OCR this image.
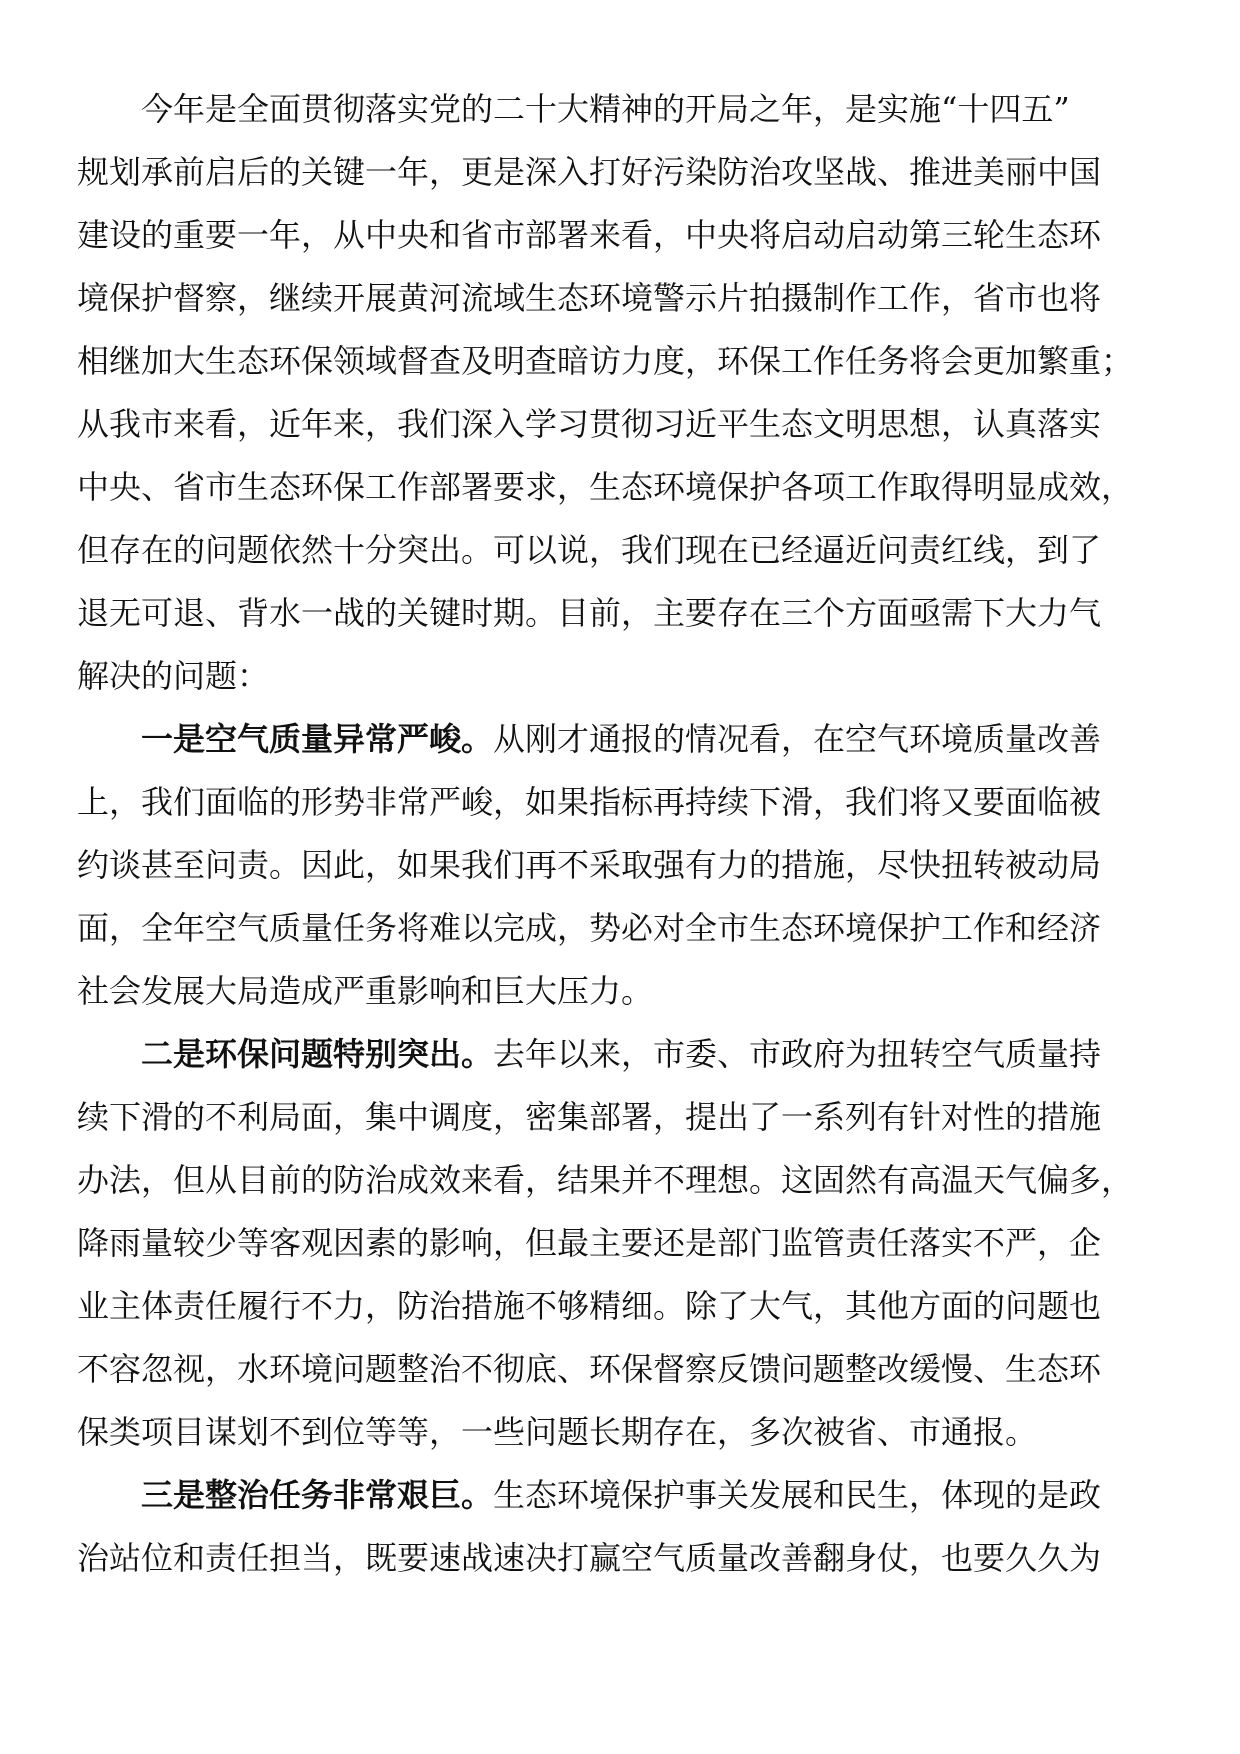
今年是全面贯彻落实党的二十大精神的开局之年，是实施“十四五”
规划承前启后的关键一年，更是深入打好污染防治攻坚战、推进美丽中国
建设的重要一年，从中央和省市部署来看，中央将启动启动第三轮生态环
境保护督察，继续开展黄河流域生态环境警示片拍摄制作工作，省市也将
相继加大生态环保领域督查及明查暗访力度，环保工作任务将会更加繁重；
从我市来看，近年来，我们深入学习贯彻习近平生态文明思想，认真落实
中央、省市生态环保工作部署要求，生态环境保护各项工作取得明显成效，
但存在的问题依然十分突出。可以说，我们现在已经逼近问责红线，到了
退无可退、背水一战的关键时期。目前，主要存在三个方面亟需下大力气
解决的问题：
一是空气质量异常严峻。从刚才通报的情况看，在空气环境质量改善
上，我们面临的形势非常严峻，如果指标再持续下滑，我们将又要面临被
约谈甚至问责。因此，如果我们再不采取强有力的措施，尽快扭转被动局
面，全年空气质量任务将难以完成，势必对全市生态环境保护工作和经济
社会发展大局造成严重影响和巨大压力。
二是环保问题特别突出。去年以来，市委、市政府为扭转空气质量持
续下滑的不利局面，集中调度，密集部署，提出了一系列有针对性的措施
办法，但从目前的防治成效来看，结果并不理想。这固然有高温天气偏多，
降雨量较少等客观因素的影响，但最主要还是部门监管责任落实不严，企
业主体责任履行不力，防治措施不够精细。除了大气，其他方面的问题也
不容忽视，水环境问题整治不彻底、环保督察反馈问题整改缓慢、生态环
保类项目谋划不到位等等，一些问题长期存在，多次被省、市通报。
三是整治任务非常艰巨。生态环境保护事关发展和民生，体现的是政
治站位和责任担当，既要速战速决打赢空气质量改善翻身仗，也要久久为
